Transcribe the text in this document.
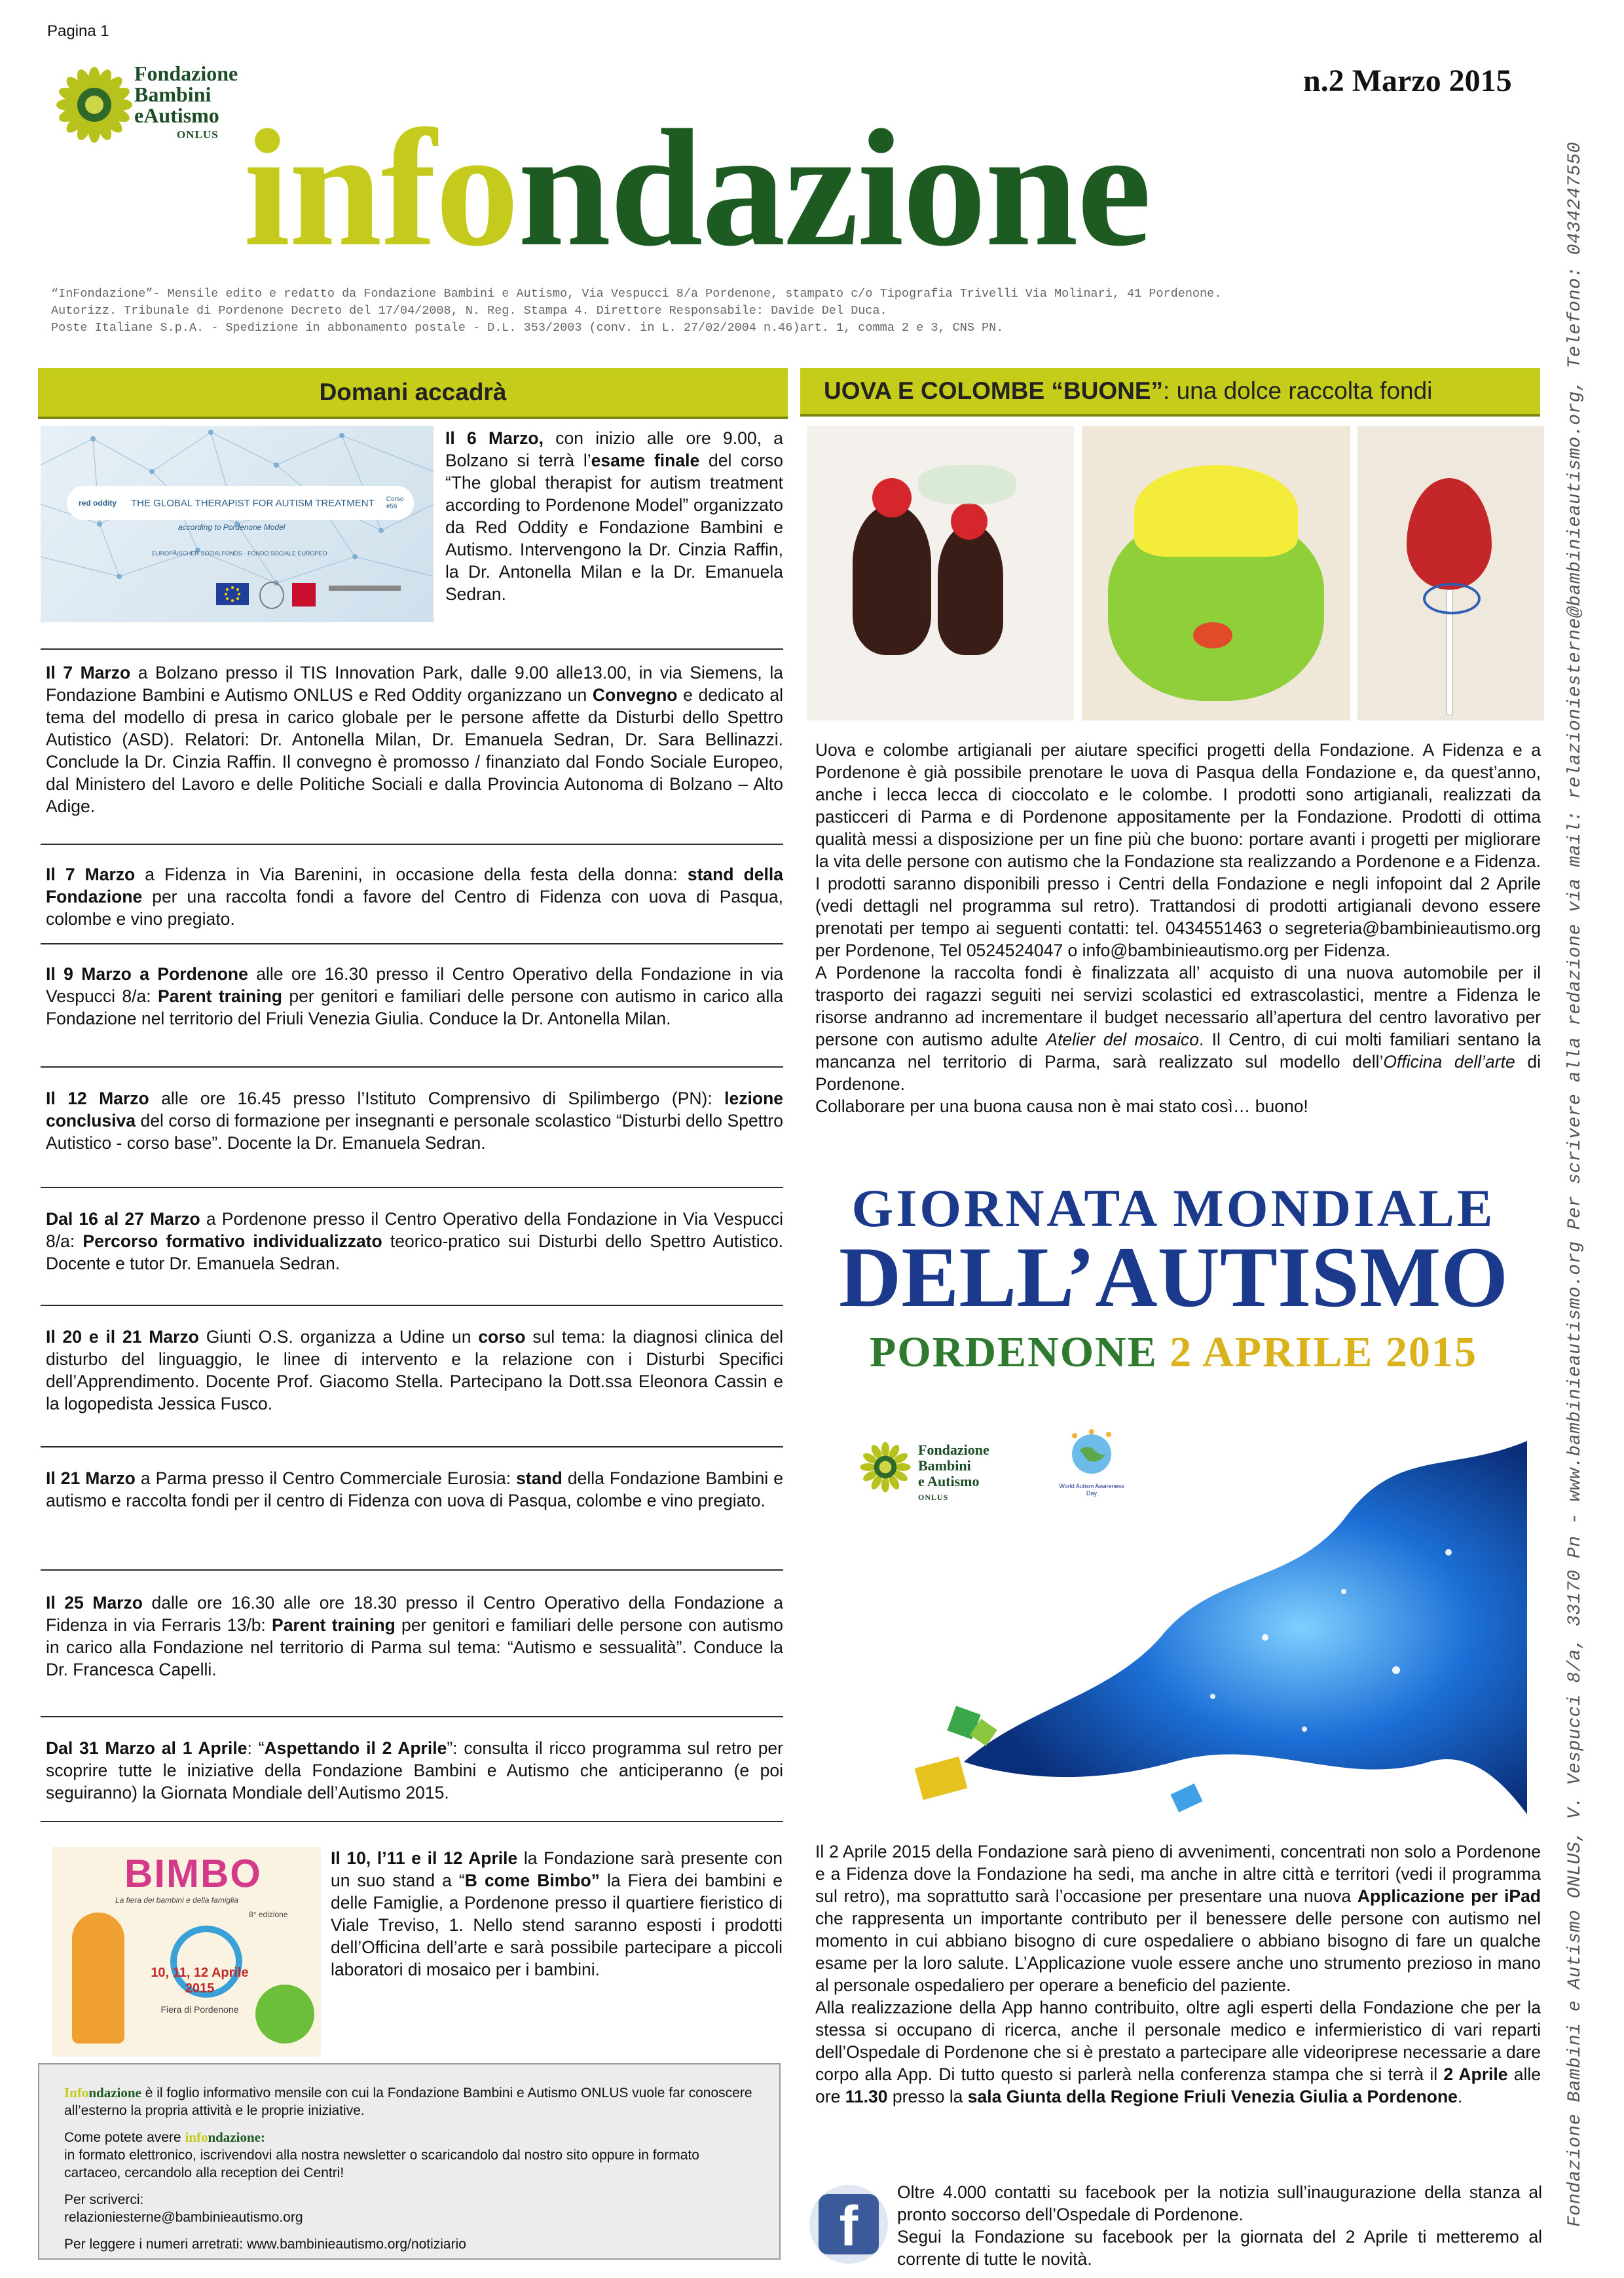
Pagina 1
Fondazione
Bambini
eAutismo
ONLUS
n.2 Marzo 2015
infondazione
“InFondazione”- Mensile edito e redatto da Fondazione Bambini e Autismo, Via Vespucci 8/a Pordenone, stampato c/o Tipografia Trivelli Via Molinari, 41 Pordenone.
Autorizz. Tribunale di Pordenone Decreto del 17/04/2008, N. Reg. Stampa 4. Direttore Responsabile: Davide Del Duca.
Poste Italiane S.p.A. - Spedizione in abbonamento postale - D.L. 353/2003 (conv. in L. 27/02/2004 n.46)art. 1, comma 2 e 3, CNS PN.	Fondazione Bambini e Autismo ONLUS, V. Vespucci 8/a, 33170 Pn - www.bambinieautismo.org Per scrivere alla redazione via mail: relazioniesterne@bambinieautismo.org, Telefono: 0434247550
Domani accadrà
red oddity THE GLOBAL THERAPIST FOR AUTISM TREATMENT Corso #56
according to Pordenone Model
EUROPÄISCHER SOZIALFONDS · FONDO SOCIALE EUROPEO
Il 6 Marzo, con inizio alle ore 9.00, a Bolzano si terrà l’esame finale del corso “The global therapist for autism treatment according to Pordenone Model” organizzato da Red Oddity e Fondazione Bambini e Autismo. Intervengono la Dr. Cinzia Raffin, la Dr. Antonella Milan e la Dr. Emanuela Sedran.
Il 7 Marzo a Bolzano presso il TIS Innovation Park, dalle 9.00 alle13.00, in via Siemens, la Fondazione Bambini e Autismo ONLUS e Red Oddity organizzano un Convegno e dedicato al tema del modello di presa in carico globale per le persone affette da Disturbi dello Spettro Autistico (ASD). Relatori: Dr. Antonella Milan, Dr. Emanuela Sedran, Dr. Sara Bellinazzi. Conclude la Dr. Cinzia Raffin. Il convegno è promosso / finanziato dal Fondo Sociale Europeo, dal Ministero del Lavoro e delle Politiche Sociali e dalla Provincia Autonoma di Bolzano – Alto Adige.
Il 7 Marzo a Fidenza in Via Barenini, in occasione della festa della donna: stand della Fondazione per una raccolta fondi a favore del Centro di Fidenza con uova di Pasqua, colombe e vino pregiato.
Il 9 Marzo a Pordenone alle ore 16.30 presso il Centro Operativo della Fondazione in via Vespucci 8/a: Parent training per genitori e familiari delle persone con autismo in carico alla Fondazione nel territorio del Friuli Venezia Giulia. Conduce la Dr. Antonella Milan.
Il 12 Marzo alle ore 16.45 presso l’Istituto Comprensivo di Spilimbergo (PN): lezione conclusiva del corso di formazione per insegnanti e personale scolastico “Disturbi dello Spettro Autistico - corso base”. Docente la Dr. Emanuela Sedran.
Dal 16 al 27 Marzo a Pordenone presso il Centro Operativo della Fondazione in Via Vespucci 8/a: Percorso formativo individualizzato teorico-pratico sui Disturbi dello Spettro Autistico. Docente e tutor Dr. Emanuela Sedran.
Il 20 e il 21 Marzo Giunti O.S. organizza a Udine un corso sul tema: la diagnosi clinica del disturbo del linguaggio, le linee di intervento e la relazione con i Disturbi Specifici dell’Apprendimento. Docente Prof. Giacomo Stella. Partecipano la Dott.ssa Eleonora Cassin e la logopedista Jessica Fusco.
Il 21 Marzo a Parma presso il Centro Commerciale Eurosia: stand della Fondazione Bambini e autismo e raccolta fondi per il centro di Fidenza con uova di Pasqua, colombe e vino pregiato.
Il 25 Marzo dalle ore 16.30 alle ore 18.30 presso il Centro Operativo della Fondazione a Fidenza in via Ferraris 13/b: Parent training per genitori e familiari delle persone con autismo in carico alla Fondazione nel territorio di Parma sul tema: “Autismo e sessualità”. Conduce la Dr. Francesca Capelli.
Dal 31 Marzo al 1 Aprile: “Aspettando il 2 Aprile”: consulta il ricco programma sul retro per scoprire tutte le iniziative della Fondazione Bambini e Autismo che anticiperanno (e poi seguiranno) la Giornata Mondiale dell’Autismo 2015.
BIMBO
La fiera dei bambini e della famiglia
8° edizione
10, 11, 12 Aprile 2015
Fiera di Pordenone
Il 10, l’11 e il 12 Aprile la Fondazione sarà presente con un suo stand a “B come Bimbo” la Fiera dei bambini e delle Famiglie, a Pordenone presso il quartiere fieristico di Viale Treviso, 1. Nello stend saranno esposti i prodotti dell’Officina dell’arte e sarà possibile partecipare a piccoli laboratori di mosaico per i bambini.
Infondazione è il foglio informativo mensile con cui la Fondazione Bambini e Autismo ONLUS vuole far conoscere all’esterno la propria attività e le proprie iniziative.
Come potete avere infondazione:
in formato elettronico, iscrivendovi alla nostra newsletter o scaricandolo dal nostro sito oppure in formato cartaceo, cercandolo alla reception dei Centri!
Per scriverci:
relazioniesterne@bambinieautismo.org
Per leggere i numeri arretrati: www.bambinieautismo.org/notiziario
UOVA E COLOMBE “BUONE” : una dolce raccolta fondi
Uova e colombe artigianali per aiutare specifici progetti della Fondazione. A Fidenza e a Pordenone è già possibile prenotare le uova di Pasqua della Fondazione e, da quest’anno, anche i lecca lecca di cioccolato e le colombe. I prodotti sono artigianali, realizzati da pasticceri di Parma e di Pordenone appositamente per la Fondazione. Prodotti di ottima qualità messi a disposizione per un fine più che buono: portare avanti i progetti per migliorare la vita delle persone con autismo che la Fondazione sta realizzando a Pordenone e a Fidenza. I prodotti saranno disponibili presso i Centri della Fondazione e negli infopoint dal 2 Aprile (vedi dettagli nel programma sul retro). Trattandosi di prodotti artigianali devono essere prenotati per tempo ai seguenti contatti: tel. 0434551463 o segreteria@bambinieautismo.org per Pordenone, Tel 0524524047 o info@bambinieautismo.org per Fidenza.
A Pordenone la raccolta fondi è finalizzata all’ acquisto di una nuova automobile per il trasporto dei ragazzi seguiti nei servizi scolastici ed extrascolastici, mentre a Fidenza le risorse andranno ad incrementare il budget necessario all’apertura del centro lavorativo per persone con autismo adulte Atelier del mosaico. Il Centro, di cui molti familiari sentano la mancanza nel territorio di Parma, sarà realizzato sul modello dell’Officina dell’arte di Pordenone.
Collaborare per una buona causa non è mai stato così… buono!
GIORNATA MONDIALE
DELL’AUTISMO
PORDENONE 2 APRILE 2015
Fondazione
Bambini
e Autismo
ONLUS
World Autism Awareness Day
Il 2 Aprile 2015 della Fondazione sarà pieno di avvenimenti, concentrati non solo a Pordenone e a Fidenza dove la Fondazione ha sedi, ma anche in altre città e territori (vedi il programma sul retro), ma soprattutto sarà l’occasione per presentare una nuova Applicazione per iPad che rappresenta un importante contributo per il benessere delle persone con autismo nel momento in cui abbiano bisogno di cure ospedaliere o abbiano bisogno di fare un qualche esame per la loro salute. L’Applicazione vuole essere anche uno strumento prezioso in mano al personale ospedaliero per operare a beneficio del paziente.
Alla realizzazione della App hanno contribuito, oltre agli esperti della Fondazione che per la stessa si occupano di ricerca, anche il personale medico e infermieristico di vari reparti dell’Ospedale di Pordenone che si è prestato a partecipare alle videoriprese necessarie a dare corpo alla App. Di tutto questo si parlerà nella conferenza stampa che si terrà il 2 Aprile alle ore 11.30 presso la sala Giunta della Regione Friuli Venezia Giulia a Pordenone.
f
Oltre 4.000 contatti su facebook per la notizia sull’inaugurazione della stanza al pronto soccorso dell’Ospedale di Pordenone.
Segui la Fondazione su facebook per la giornata del 2 Aprile ti metteremo al corrente di tutte le novità.
